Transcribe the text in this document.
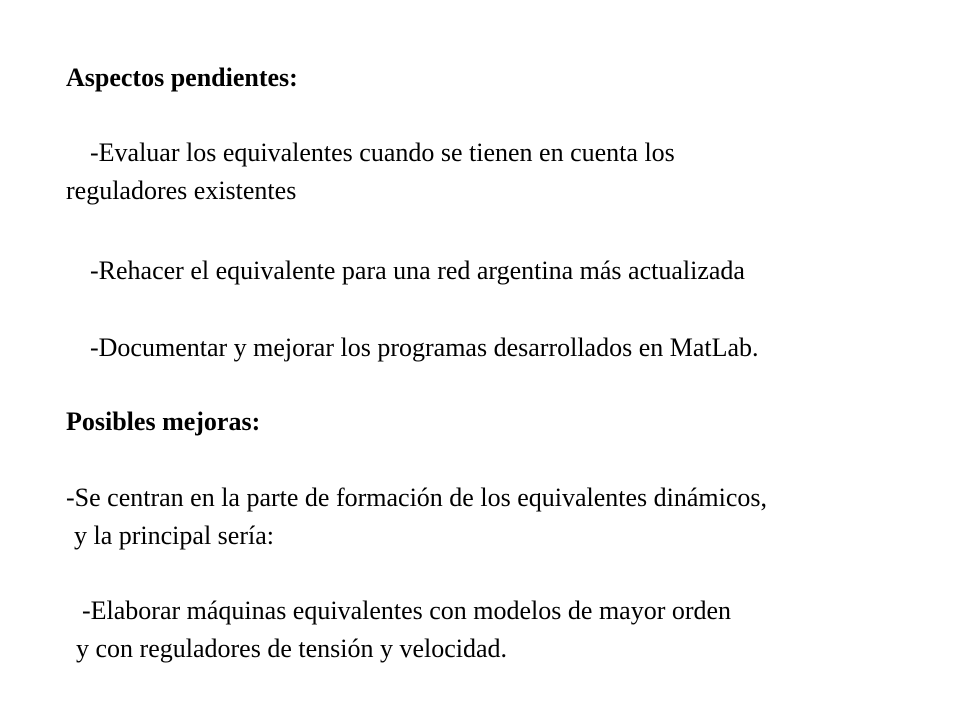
Aspectos pendientes:
-Evaluar los equivalentes cuando se tienen en cuenta los
reguladores existentes
-Rehacer el equivalente para una red argentina más actualizada
-Documentar y mejorar los programas desarrollados en MatLab.
Posibles mejoras:
-Se centran en la parte de formación de los equivalentes dinámicos,
y la principal sería:
-Elaborar máquinas equivalentes con modelos de mayor orden
y con reguladores de tensión y velocidad.
